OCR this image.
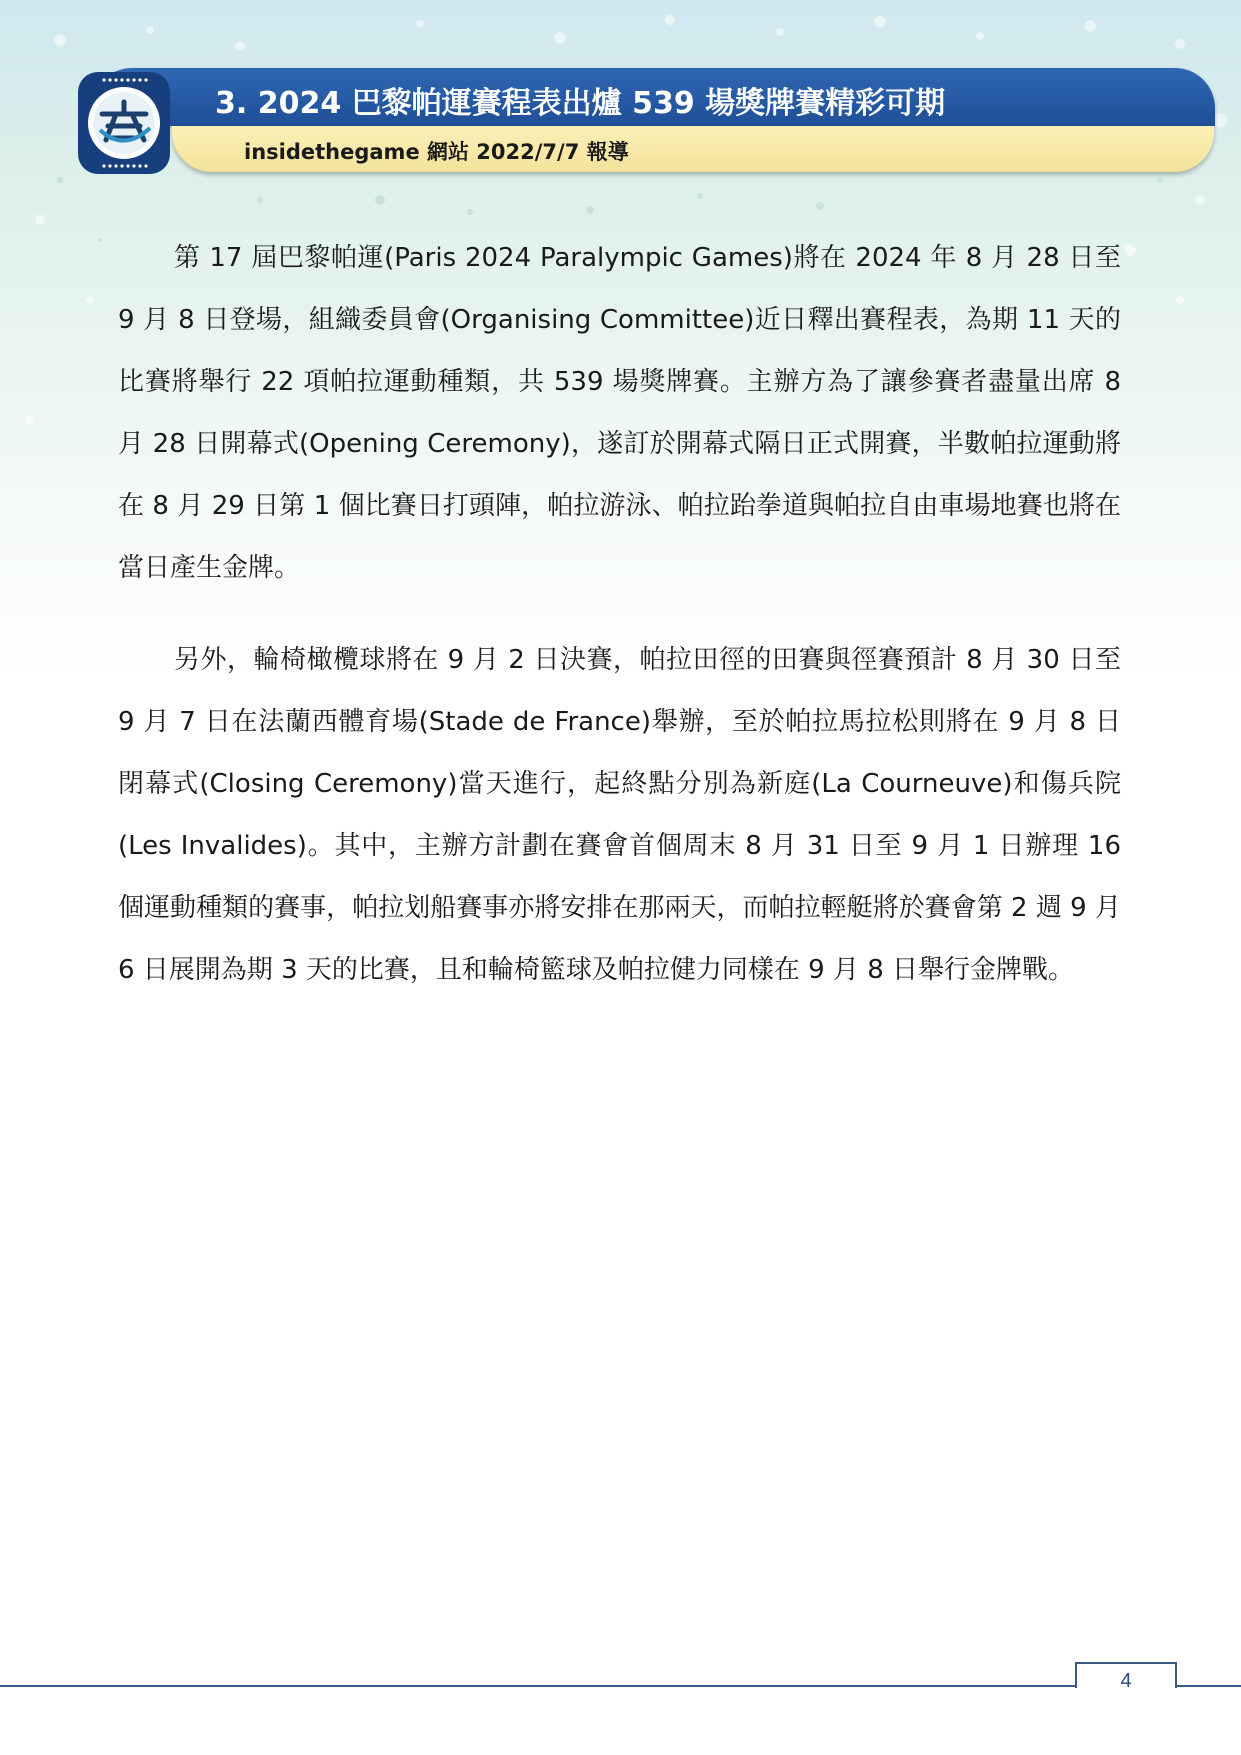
3. 2024 巴黎帕運賽程表出爐 539 場獎牌賽精彩可期
insidethegame 網站 2022/7/7 報導

第 17 屆巴黎帕運(Paris 2024 Paralympic Games)將在 2024 年 8 月 28 日至 9 月 8 日登場，組織委員會(Organising Committee)近日釋出賽程表，為期 11 天的比賽將舉行 22 項帕拉運動種類，共 539 場獎牌賽。主辦方為了讓參賽者盡量出席 8 月 28 日開幕式(Opening Ceremony)，遂訂於開幕式隔日正式開賽，半數帕拉運動將在 8 月 29 日第 1 個比賽日打頭陣，帕拉游泳、帕拉跆拳道與帕拉自由車場地賽也將在當日產生金牌。

另外，輪椅橄欖球將在 9 月 2 日決賽，帕拉田徑的田賽與徑賽預計 8 月 30 日至 9 月 7 日在法蘭西體育場(Stade de France)舉辦，至於帕拉馬拉松則將在 9 月 8 日閉幕式(Closing Ceremony)當天進行，起終點分別為新庭(La Courneuve)和傷兵院(Les Invalides)。其中，主辦方計劃在賽會首個周末 8 月 31 日至 9 月 1 日辦理 16 個運動種類的賽事，帕拉划船賽事亦將安排在那兩天，而帕拉輕艇將於賽會第 2 週 9 月 6 日展開為期 3 天的比賽，且和輪椅籃球及帕拉健力同樣在 9 月 8 日舉行金牌戰。

4
